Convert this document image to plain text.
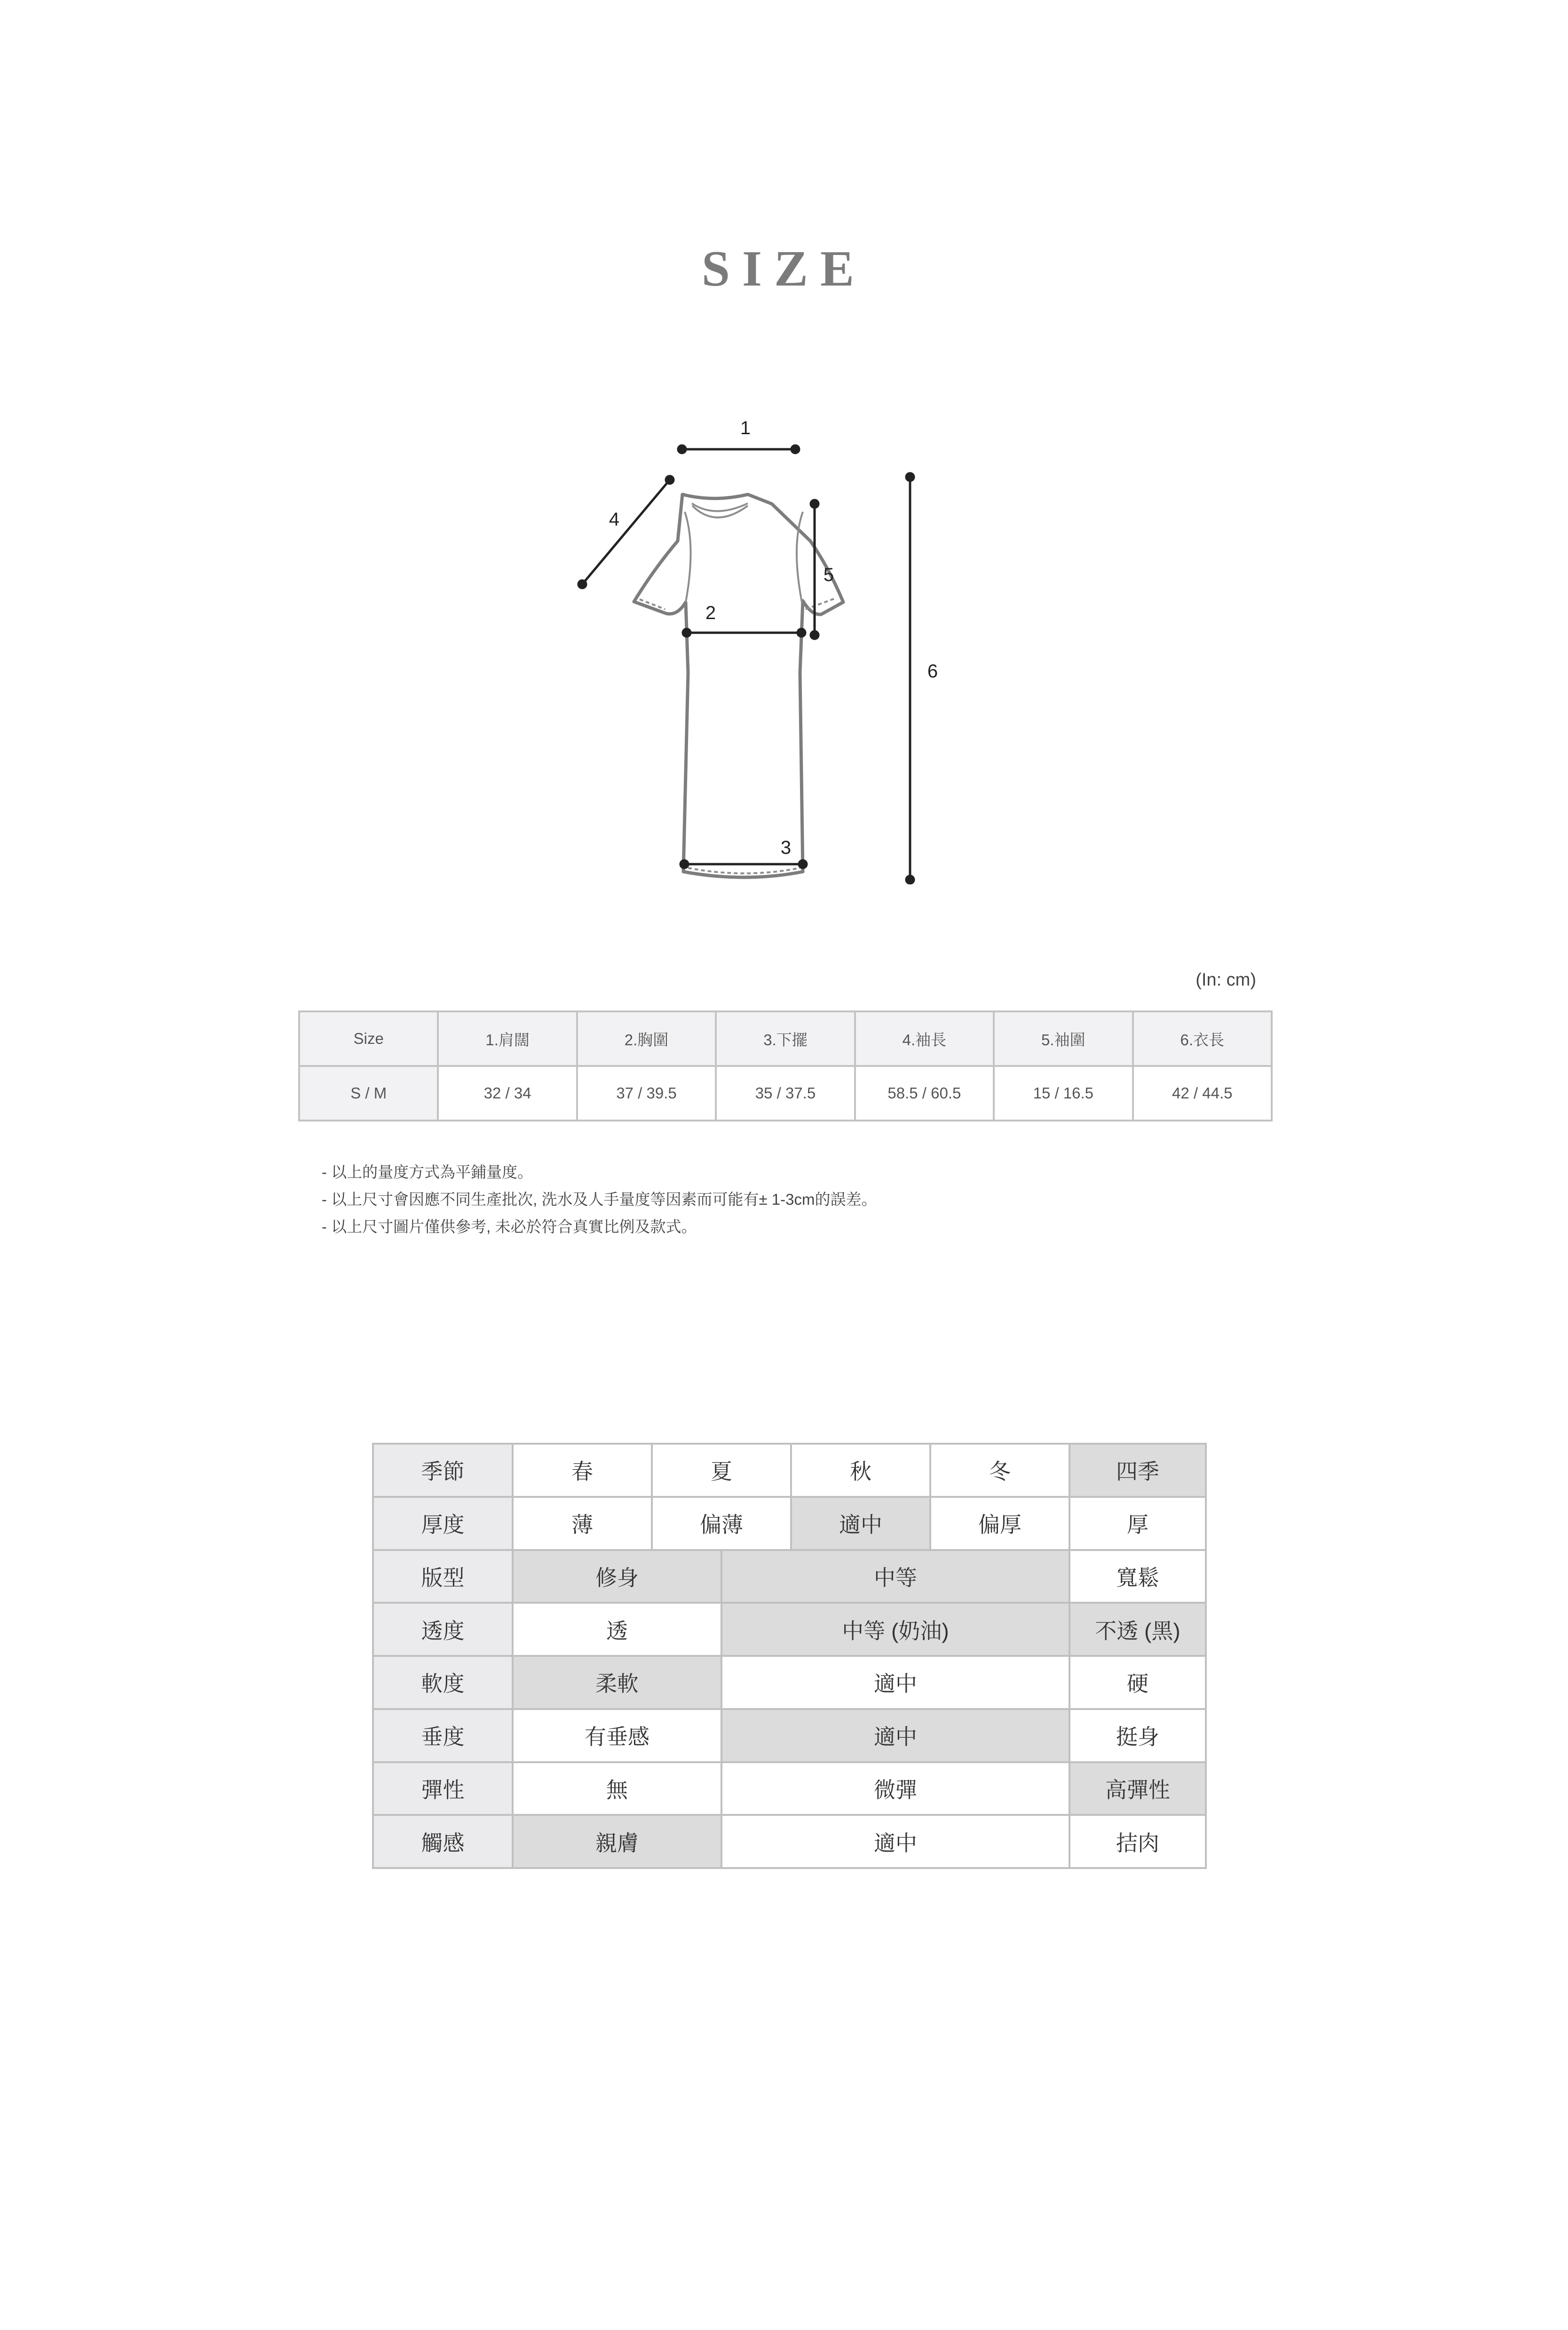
SIZE
1
2
3
4
5
6
(In: cm)
Size	1.肩闊	2.胸圍	3.下擺	4.袖長	5.袖圍	6.衣長
S / M	32 / 34	37 / 39.5	35 / 37.5	58.5 / 60.5	15 / 16.5	42 / 44.5
- 以上的量度方式為平鋪量度。
- 以上尺寸會因應不同生產批次, 洗水及人手量度等因素而可能有± 1-3cm的誤差。
- 以上尺寸圖片僅供參考, 未必於符合真實比例及款式。
季節	春	夏		秋	冬	四季
厚度	薄	偏薄		適中	偏厚	厚
版型	修身		中等			寬鬆
透度	透		中等 (奶油)			不透 (黑)
軟度	柔軟		適中			硬
垂度	有垂感		適中			挺身
彈性	無		微彈			高彈性
觸感	親膚		適中			拮肉
